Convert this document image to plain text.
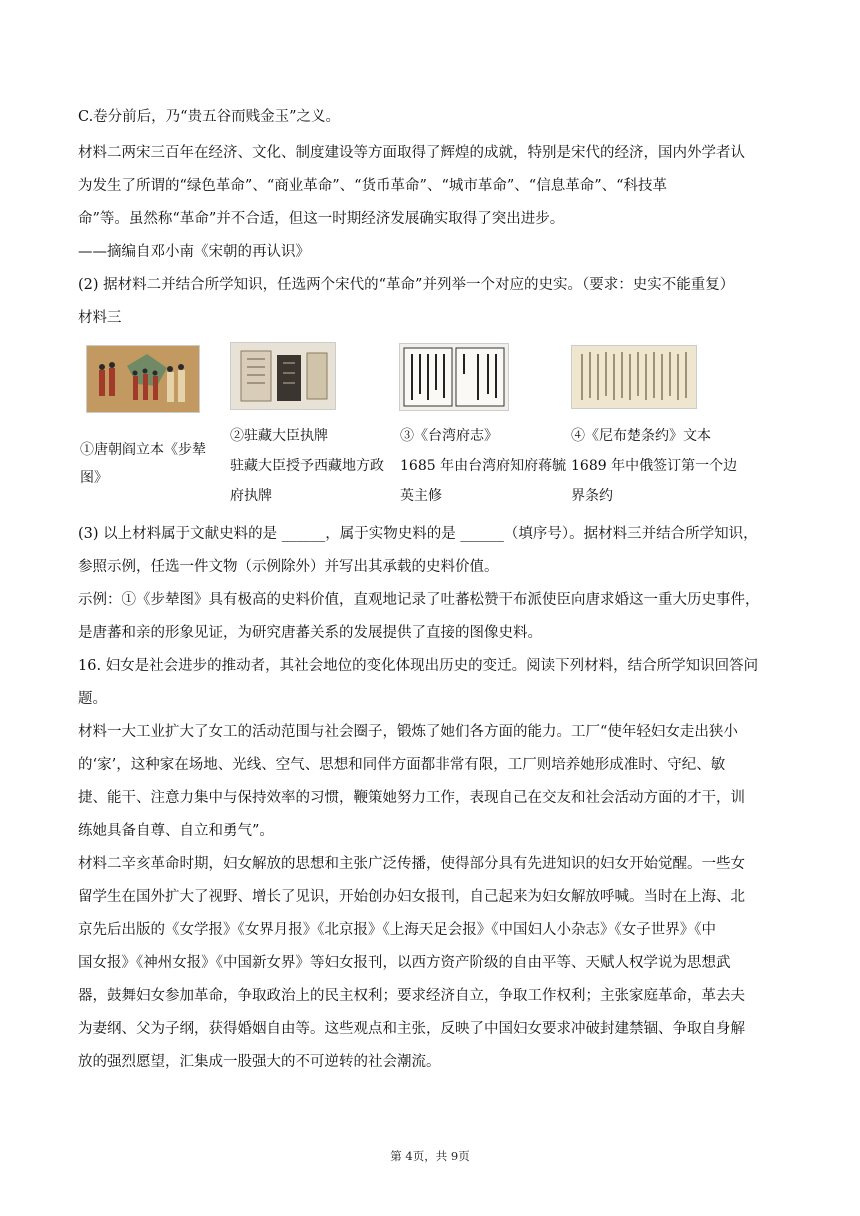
C.卷分前后，乃“贵五谷而贱金玉”之义。
材料二两宋三百年在经济、文化、制度建设等方面取得了辉煌的成就，特别是宋代的经济，国内外学者认
为发生了所谓的“绿色革命”、“商业革命”、“货币革命”、“城市革命”、“信息革命”、“科技革
命”等。虽然称“革命”并不合适，但这一时期经济发展确实取得了突出进步。
——摘编自邓小南《宋朝的再认识》
(2) 据材料二并结合所学知识，任选两个宋代的“革命”并列举一个对应的史实。（要求：史实不能重复）
材料三
①唐朝阎立本《步辇
图》
②驻藏大臣执牌
驻藏大臣授予西藏地方政
府执牌
③《台湾府志》
1685 年由台湾府知府蒋毓
英主修
④《尼布楚条约》文本
1689 年中俄签订第一个边
界条约
(3) 以上材料属于文献史料的是 ______，属于实物史料的是 ______（填序号）。据材料三并结合所学知识，
参照示例，任选一件文物（示例除外）并写出其承载的史料价值。
示例：①《步辇图》具有极高的史料价值，直观地记录了吐蕃松赞干布派使臣向唐求婚这一重大历史事件，
是唐蕃和亲的形象见证，为研究唐蕃关系的发展提供了直接的图像史料。
16. 妇女是社会进步的推动者，其社会地位的变化体现出历史的变迁。阅读下列材料，结合所学知识回答问
题。
材料一大工业扩大了女工的活动范围与社会圈子，锻炼了她们各方面的能力。工厂“使年轻妇女走出狭小
的‘家’，这种家在场地、光线、空气、思想和同伴方面都非常有限，工厂则培养她形成准时、守纪、敏
捷、能干、注意力集中与保持效率的习惯，鞭策她努力工作，表现自己在交友和社会活动方面的才干，训
练她具备自尊、自立和勇气”。
材料二辛亥革命时期，妇女解放的思想和主张广泛传播，使得部分具有先进知识的妇女开始觉醒。一些女
留学生在国外扩大了视野、增长了见识，开始创办妇女报刊，自己起来为妇女解放呼喊。当时在上海、北
京先后出版的《女学报》《女界月报》《北京报》《上海天足会报》《中国妇人小杂志》《女子世界》《中
国女报》《神州女报》《中国新女界》等妇女报刊，以西方资产阶级的自由平等、天赋人权学说为思想武
器，鼓舞妇女参加革命，争取政治上的民主权利；要求经济自立，争取工作权利；主张家庭革命，革去夫
为妻纲、父为子纲，获得婚姻自由等。这些观点和主张，反映了中国妇女要求冲破封建禁锢、争取自身解
放的强烈愿望，汇集成一股强大的不可逆转的社会潮流。
第 4页，共 9页
